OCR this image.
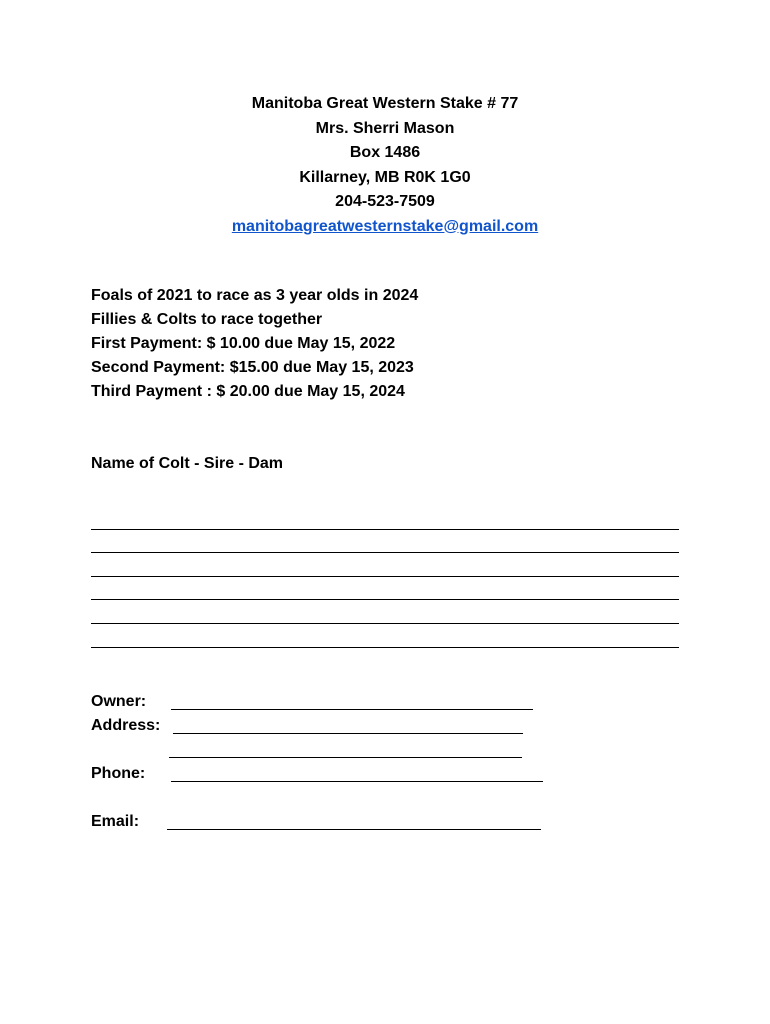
Manitoba Great Western Stake # 77
Mrs. Sherri Mason
Box 1486
Killarney, MB R0K 1G0
204-523-7509
manitobagreatwesternstake@gmail.com
Foals of 2021 to race as 3 year olds in 2024
Fillies & Colts to race together
First Payment: $ 10.00 due May 15, 2022
Second Payment: $15.00 due May 15, 2023
Third Payment : $ 20.00 due May 15, 2024
Name of Colt - Sire - Dam
Owner:
Address:
Phone:
Email:
